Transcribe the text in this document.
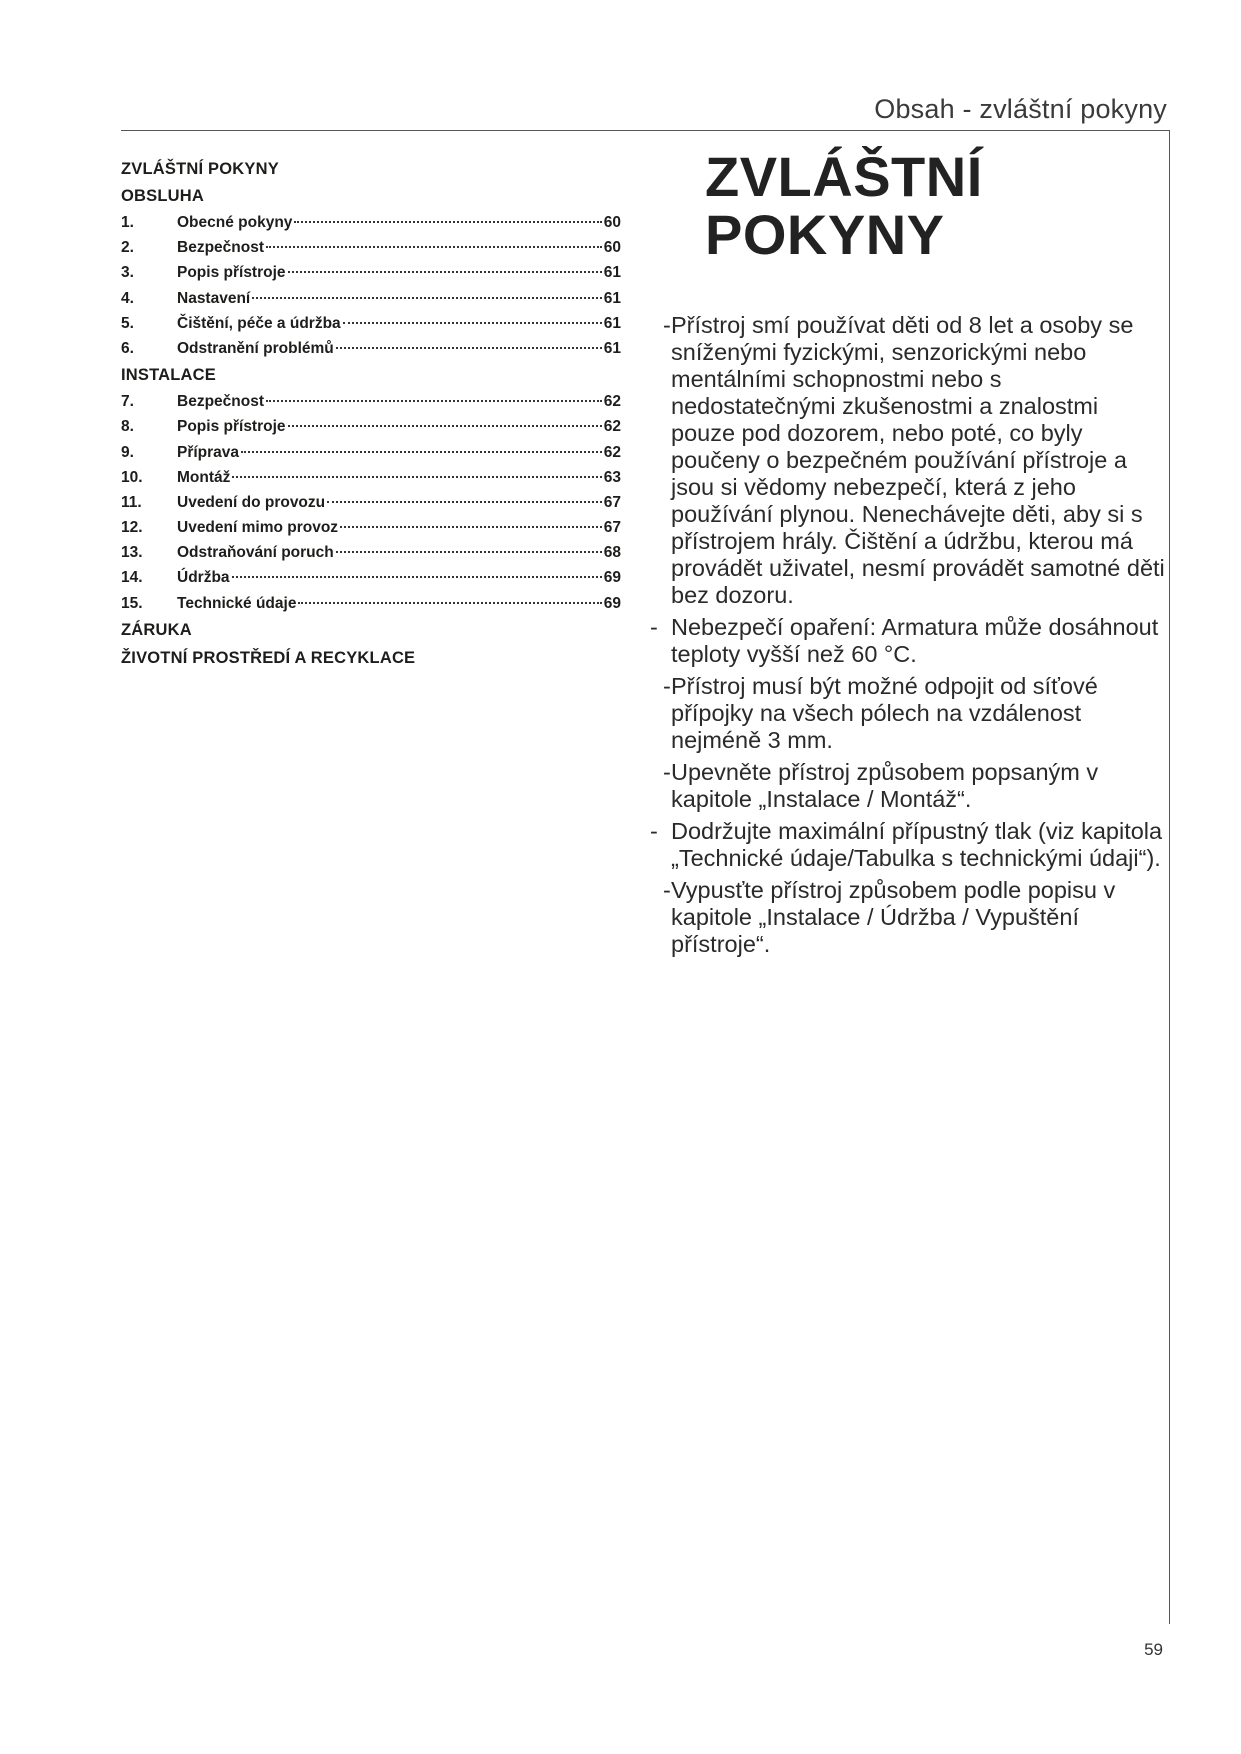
Obsah - zvláštní pokyny
ZVLÁŠTNÍ POKYNY
OBSLUHA
1.	Obecné pokyny	60
2.	Bezpečnost	60
3.	Popis přístroje	61
4.	Nastavení	61
5.	Čištění, péče a údržba	61
6.	Odstranění problémů	61
INSTALACE
7.	Bezpečnost	62
8.	Popis přístroje	62
9.	Příprava	62
10.	Montáž	63
11.	Uvedení do provozu	67
12.	Uvedení mimo provoz	67
13.	Odstraňování poruch	68
14.	Údržba	69
15.	Technické údaje	69
ZÁRUKA
ŽIVOTNÍ PROSTŘEDÍ A RECYKLACE
ZVLÁŠTNÍ
POKYNY
- Přístroj smí používat děti od 8 let a osoby se sníženými fyzickými, senzorickými nebo mentálními schopnostmi nebo s nedostatečnými zkušenostmi a znalostmi pouze pod dozorem, nebo poté, co byly poučeny o bezpečném používání přístroje a jsou si vědomy nebezpečí, která z jeho používání plynou. Nenechávejte děti, aby si s přístrojem hrály. Čištění a údržbu, kterou má provádět uživatel, nesmí provádět samotné děti bez dozoru.
- Nebezpečí opaření: Armatura může dosáhnout teploty vyšší než 60 °C.
- Přístroj musí být možné odpojit od síťové přípojky na všech pólech na vzdálenost nejméně 3 mm.
- Upevněte přístroj způsobem popsaným v kapitole „Instalace / Montáž“.
- Dodržujte maximální přípustný tlak (viz kapitola „Technické údaje/Tabulka s technickými údaji“).
- Vypusťte přístroj způsobem podle popisu v kapitole „Instalace / Údržba / Vypuštění přístroje“.
59
